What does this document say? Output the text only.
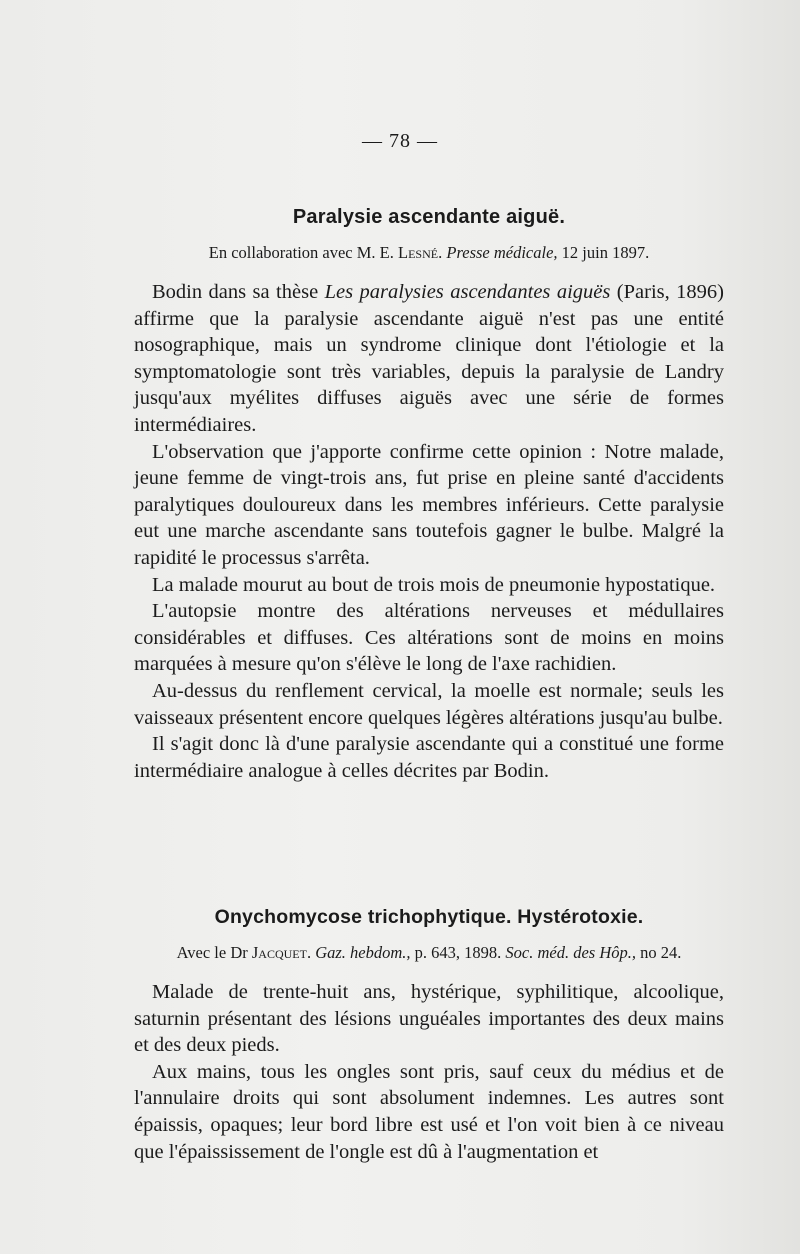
— 78 —
Paralysie ascendante aiguë.
En collaboration avec M. E. Lesné. Presse médicale, 12 juin 1897.

Bodin dans sa thèse Les paralysies ascendantes aiguës (Paris, 1896) affirme que la paralysie ascendante aiguë n'est pas une entité nosographique, mais un syndrome clinique dont l'étiologie et la symptomatologie sont très variables, depuis la paralysie de Landry jusqu'aux myélites diffuses aiguës avec une série de formes intermédiaires.

L'observation que j'apporte confirme cette opinion : Notre malade, jeune femme de vingt-trois ans, fut prise en pleine santé d'accidents paralytiques douloureux dans les membres inférieurs. Cette paralysie eut une marche ascendante sans toutefois gagner le bulbe. Malgré la rapidité le processus s'arrêta.

La malade mourut au bout de trois mois de pneumonie hypostatique.

L'autopsie montre des altérations nerveuses et médullaires considérables et diffuses. Ces altérations sont de moins en moins marquées à mesure qu'on s'élève le long de l'axe rachidien.

Au-dessus du renflement cervical, la moelle est normale; seuls les vaisseaux présentent encore quelques légères altérations jusqu'au bulbe.

Il s'agit donc là d'une paralysie ascendante qui a constitué une forme intermédiaire analogue à celles décrites par Bodin.

Onychomycose trichophytique. Hystérotoxie.
Avec le Dr Jacquet. Gaz. hebdom., p. 643, 1898. Soc. méd. des Hôp., no 24.

Malade de trente-huit ans, hystérique, syphilitique, alcoolique, saturnin présentant des lésions unguéales importantes des deux mains et des deux pieds.

Aux mains, tous les ongles sont pris, sauf ceux du médius et de l'annulaire droits qui sont absolument indemnes. Les autres sont épaissis, opaques; leur bord libre est usé et l'on voit bien à ce niveau que l'épaississement de l'ongle est dû à l'augmentation et
